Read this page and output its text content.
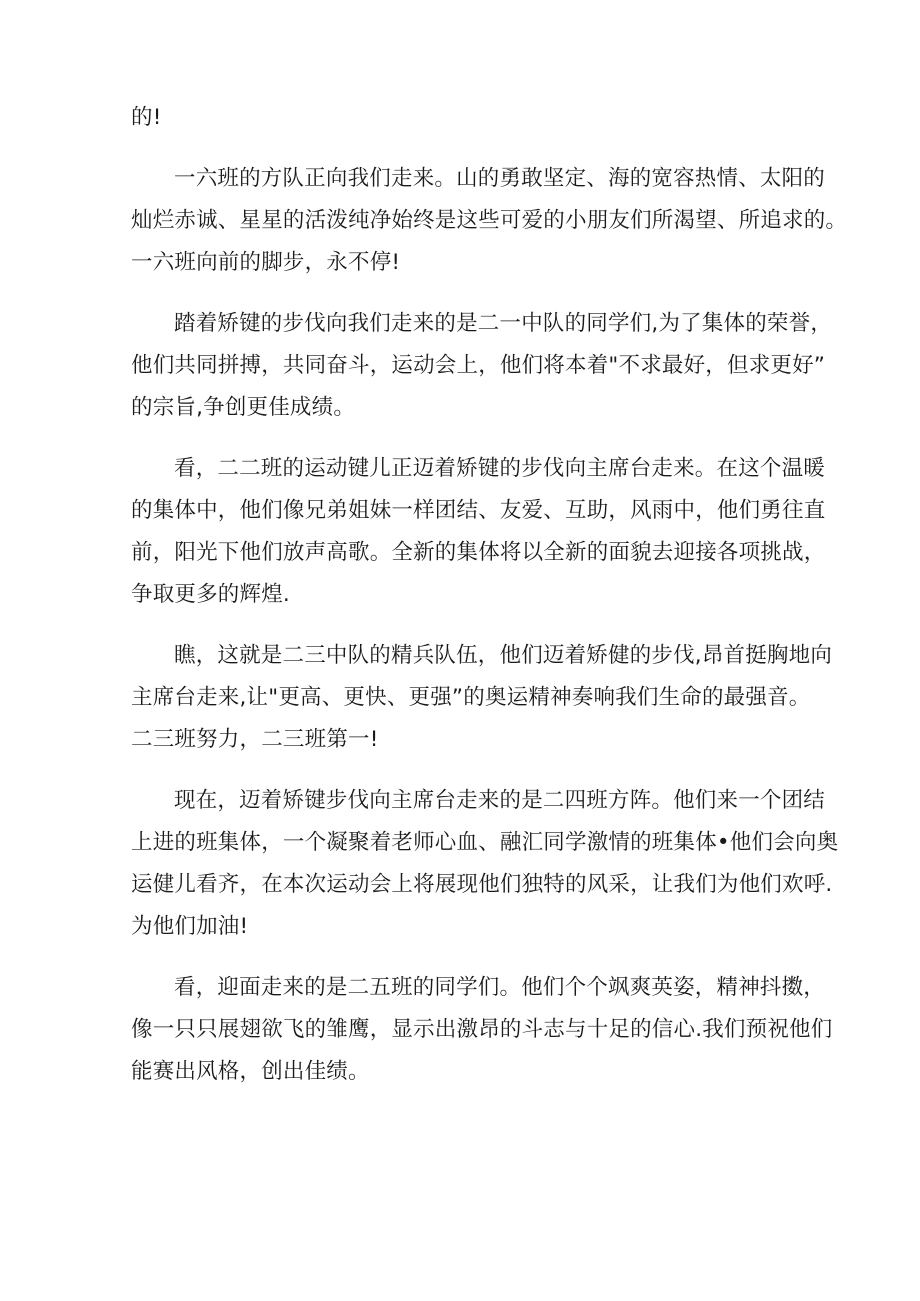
的!

一六班的方队正向我们走来。山的勇敢坚定、海的宽容热情、太阳的
灿烂赤诚、星星的活泼纯净始终是这些可爱的小朋友们所渴望、所追求的。
一六班向前的脚步，永不停!

踏着矫键的步伐向我们走来的是二一中队的同学们,为了集体的荣誉，
他们共同拼搏，共同奋斗，运动会上，他们将本着"不求最好，但求更好”
的宗旨,争创更佳成绩。

看，二二班的运动键儿正迈着矫键的步伐向主席台走来。在这个温暖
的集体中，他们像兄弟姐妹一样团结、友爱、互助，风雨中，他们勇往直
前，阳光下他们放声高歌。全新的集体将以全新的面貌去迎接各项挑战，
争取更多的辉煌.

瞧，这就是二三中队的精兵队伍，他们迈着矫健的步伐,昂首挺胸地向
主席台走来,让"更高、更快、更强”的奥运精神奏响我们生命的最强音。
二三班努力，二三班第一!

现在，迈着矫键步伐向主席台走来的是二四班方阵。他们来一个团结
上进的班集体，一个凝聚着老师心血、融汇同学激情的班集体•他们会向奥
运健儿看齐，在本次运动会上将展现他们独特的风采，让我们为他们欢呼.
为他们加油!

看，迎面走来的是二五班的同学们。他们个个飒爽英姿，精神抖擞，
像一只只展翅欲飞的雏鹰，显示出激昂的斗志与十足的信心.我们预祝他们
能赛出风格，创出佳绩。
